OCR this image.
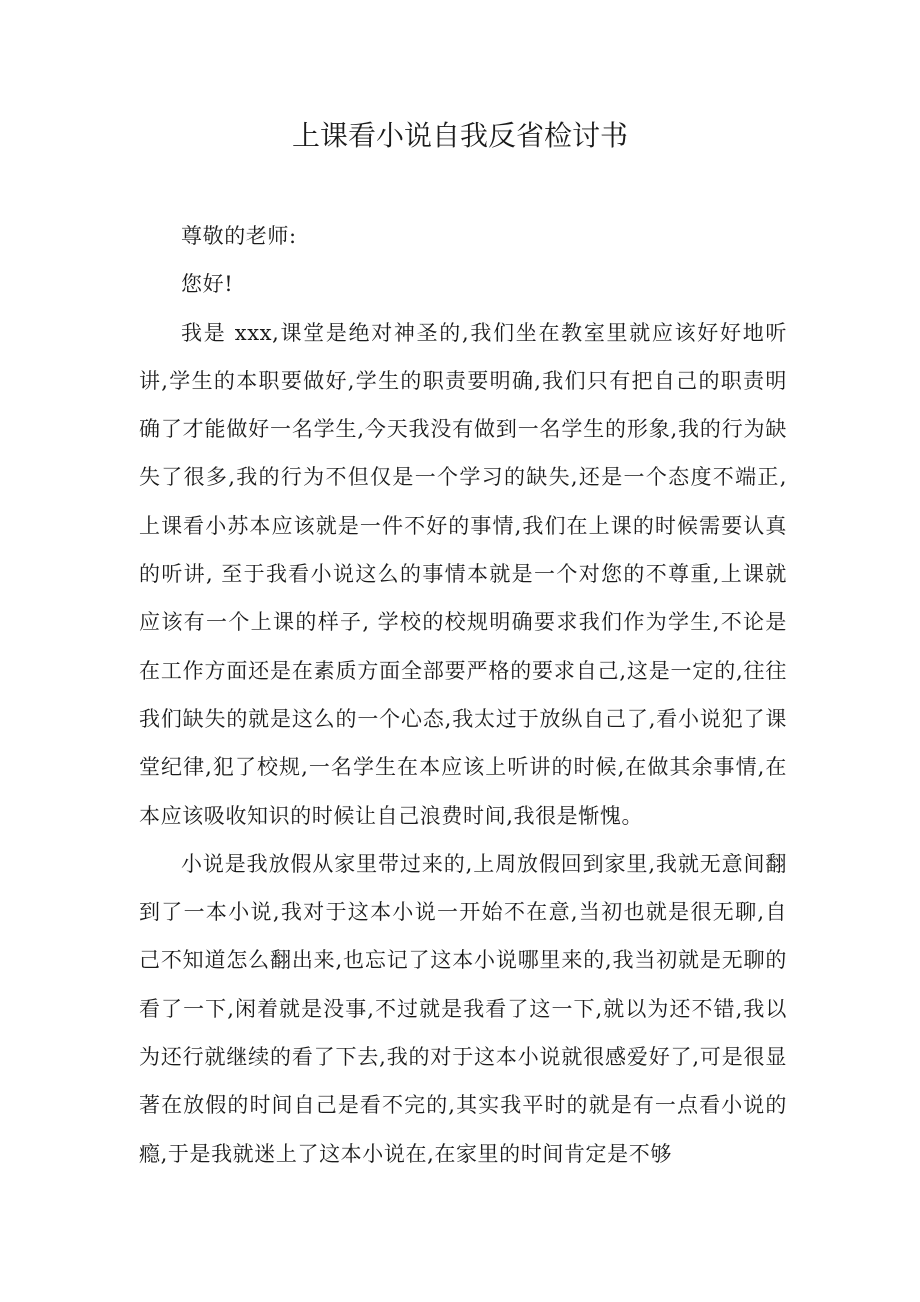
上课看小说自我反省检讨书

尊敬的老师:

您好!

我是 xxx,课堂是绝对神圣的,我们坐在教室里就应该好好地听讲,学生的本职要做好,学生的职责要明确,我们只有把自己的职责明确了才能做好一名学生,今天我没有做到一名学生的形象,我的行为缺失了很多,我的行为不但仅是一个学习的缺失,还是一个态度不端正,上课看小苏本应该就是一件不好的事情,我们在上课的时候需要认真的听讲, 至于我看小说这么的事情本就是一个对您的不尊重,上课就应该有一个上课的样子, 学校的校规明确要求我们作为学生,不论是在工作方面还是在素质方面全部要严格的要求自己,这是一定的,往往我们缺失的就是这么的一个心态,我太过于放纵自己了,看小说犯了课堂纪律,犯了校规,一名学生在本应该上听讲的时候,在做其余事情,在本应该吸收知识的时候让自己浪费时间,我很是惭愧。

小说是我放假从家里带过来的,上周放假回到家里,我就无意间翻到了一本小说,我对于这本小说一开始不在意,当初也就是很无聊,自己不知道怎么翻出来,也忘记了这本小说哪里来的,我当初就是无聊的看了一下,闲着就是没事,不过就是我看了这一下,就以为还不错,我以为还行就继续的看了下去,我的对于这本小说就很感爱好了,可是很显著在放假的时间自己是看不完的,其实我平时的就是有一点看小说的瘾,于是我就迷上了这本小说在,在家里的时间肯定是不够
